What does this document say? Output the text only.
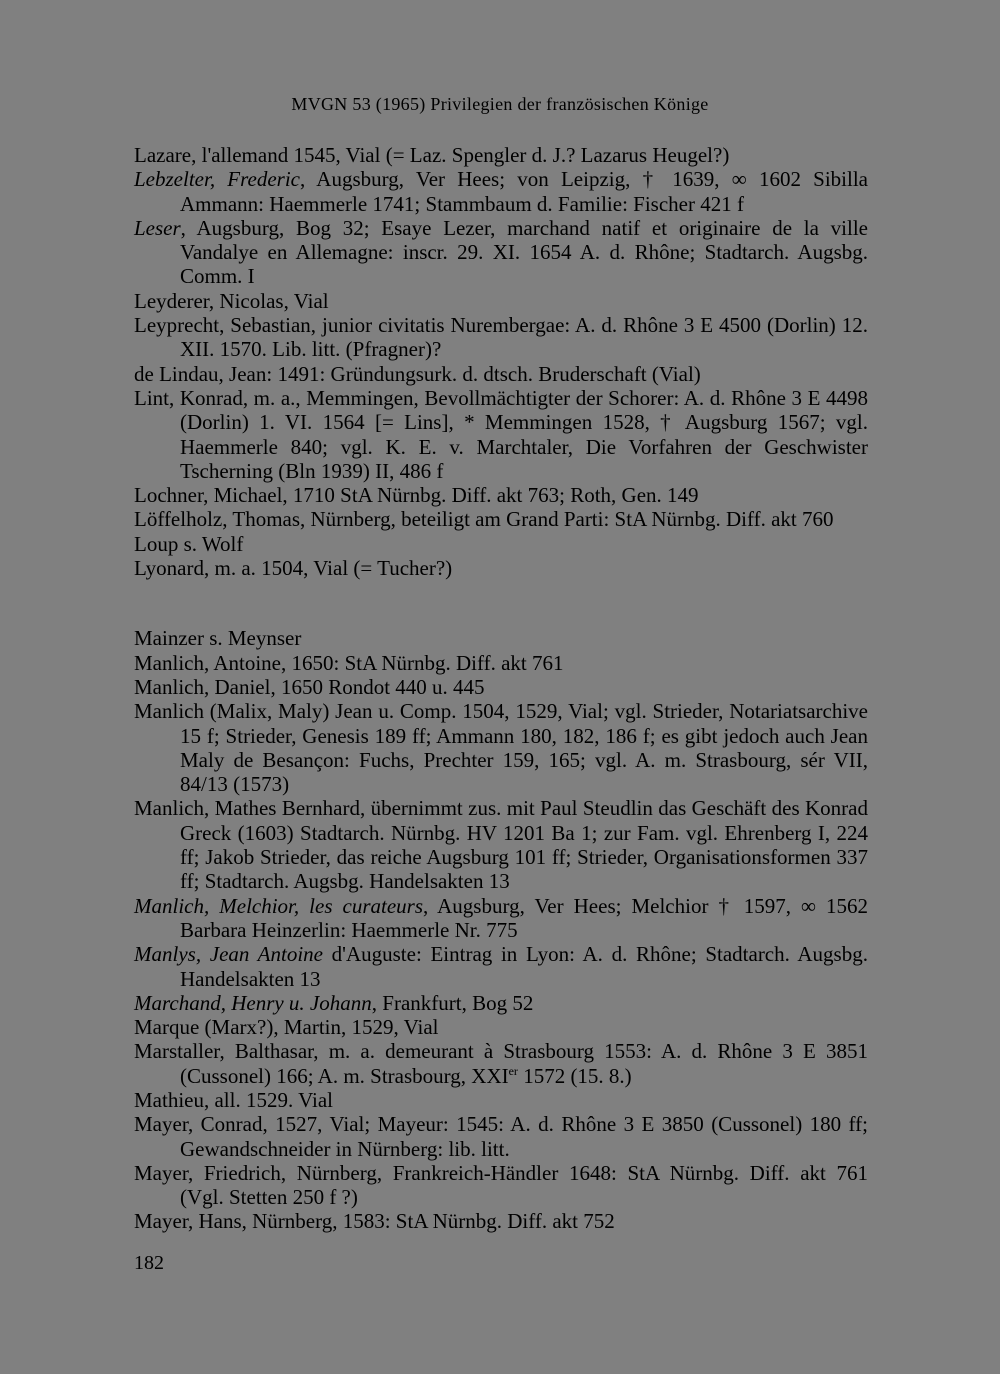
MVGN 53 (1965) Privilegien der französischen Könige
Lazare, l'allemand 1545, Vial (= Laz. Spengler d. J.? Lazarus Heugel?)
Lebzelter, Frederic, Augsburg, Ver Hees; von Leipzig, † 1639, ∞ 1602 Sibilla Ammann: Haemmerle 1741; Stammbaum d. Familie: Fischer 421 f
Leser, Augsburg, Bog 32; Esaye Lezer, marchand natif et originaire de la ville Vandalye en Allemagne: inscr. 29. XI. 1654 A. d. Rhône; Stadtarch. Augsbg. Comm. I
Leyderer, Nicolas, Vial
Leyprecht, Sebastian, junior civitatis Nurembergae: A. d. Rhône 3 E 4500 (Dorlin) 12. XII. 1570. Lib. litt. (Pfragner)?
de Lindau, Jean: 1491: Gründungsurk. d. dtsch. Bruderschaft (Vial)
Lint, Konrad, m. a., Memmingen, Bevollmächtigter der Schorer: A. d. Rhône 3 E 4498 (Dorlin) 1. VI. 1564 [= Lins], * Memmingen 1528, † Augsburg 1567; vgl. Haemmerle 840; vgl. K. E. v. Marchtaler, Die Vorfahren der Geschwister Tscherning (Bln 1939) II, 486 f
Lochner, Michael, 1710 StA Nürnbg. Diff. akt 763; Roth, Gen. 149
Löffelholz, Thomas, Nürnberg, beteiligt am Grand Parti: StA Nürnbg. Diff. akt 760
Loup s. Wolf
Lyonard, m. a. 1504, Vial (= Tucher?)
Mainzer s. Meynser
Manlich, Antoine, 1650: StA Nürnbg. Diff. akt 761
Manlich, Daniel, 1650 Rondot 440 u. 445
Manlich (Malix, Maly) Jean u. Comp. 1504, 1529, Vial; vgl. Strieder, Notariatsarchive 15 f; Strieder, Genesis 189 ff; Ammann 180, 182, 186 f; es gibt jedoch auch Jean Maly de Besançon: Fuchs, Prechter 159, 165; vgl. A. m. Strasbourg, sér VII, 84/13 (1573)
Manlich, Mathes Bernhard, übernimmt zus. mit Paul Steudlin das Geschäft des Konrad Greck (1603) Stadtarch. Nürnbg. HV 1201 Ba 1; zur Fam. vgl. Ehrenberg I, 224 ff; Jakob Strieder, das reiche Augsburg 101 ff; Strieder, Organisationsformen 337 ff; Stadtarch. Augsbg. Handelsakten 13
Manlich, Melchior, les curateurs, Augsburg, Ver Hees; Melchior † 1597, ∞ 1562 Barbara Heinzerlin: Haemmerle Nr. 775
Manlys, Jean Antoine d'Auguste: Eintrag in Lyon: A. d. Rhône; Stadtarch. Augsbg. Handelsakten 13
Marchand, Henry u. Johann, Frankfurt, Bog 52
Marque (Marx?), Martin, 1529, Vial
Marstaller, Balthasar, m. a. demeurant à Strasbourg 1553: A. d. Rhône 3 E 3851 (Cussonel) 166; A. m. Strasbourg, XXIer 1572 (15. 8.)
Mathieu, all. 1529. Vial
Mayer, Conrad, 1527, Vial; Mayeur: 1545: A. d. Rhône 3 E 3850 (Cussonel) 180 ff; Gewandschneider in Nürnberg: lib. litt.
Mayer, Friedrich, Nürnberg, Frankreich-Händler 1648: StA Nürnbg. Diff. akt 761 (Vgl. Stetten 250 f ?)
Mayer, Hans, Nürnberg, 1583: StA Nürnbg. Diff. akt 752
182
